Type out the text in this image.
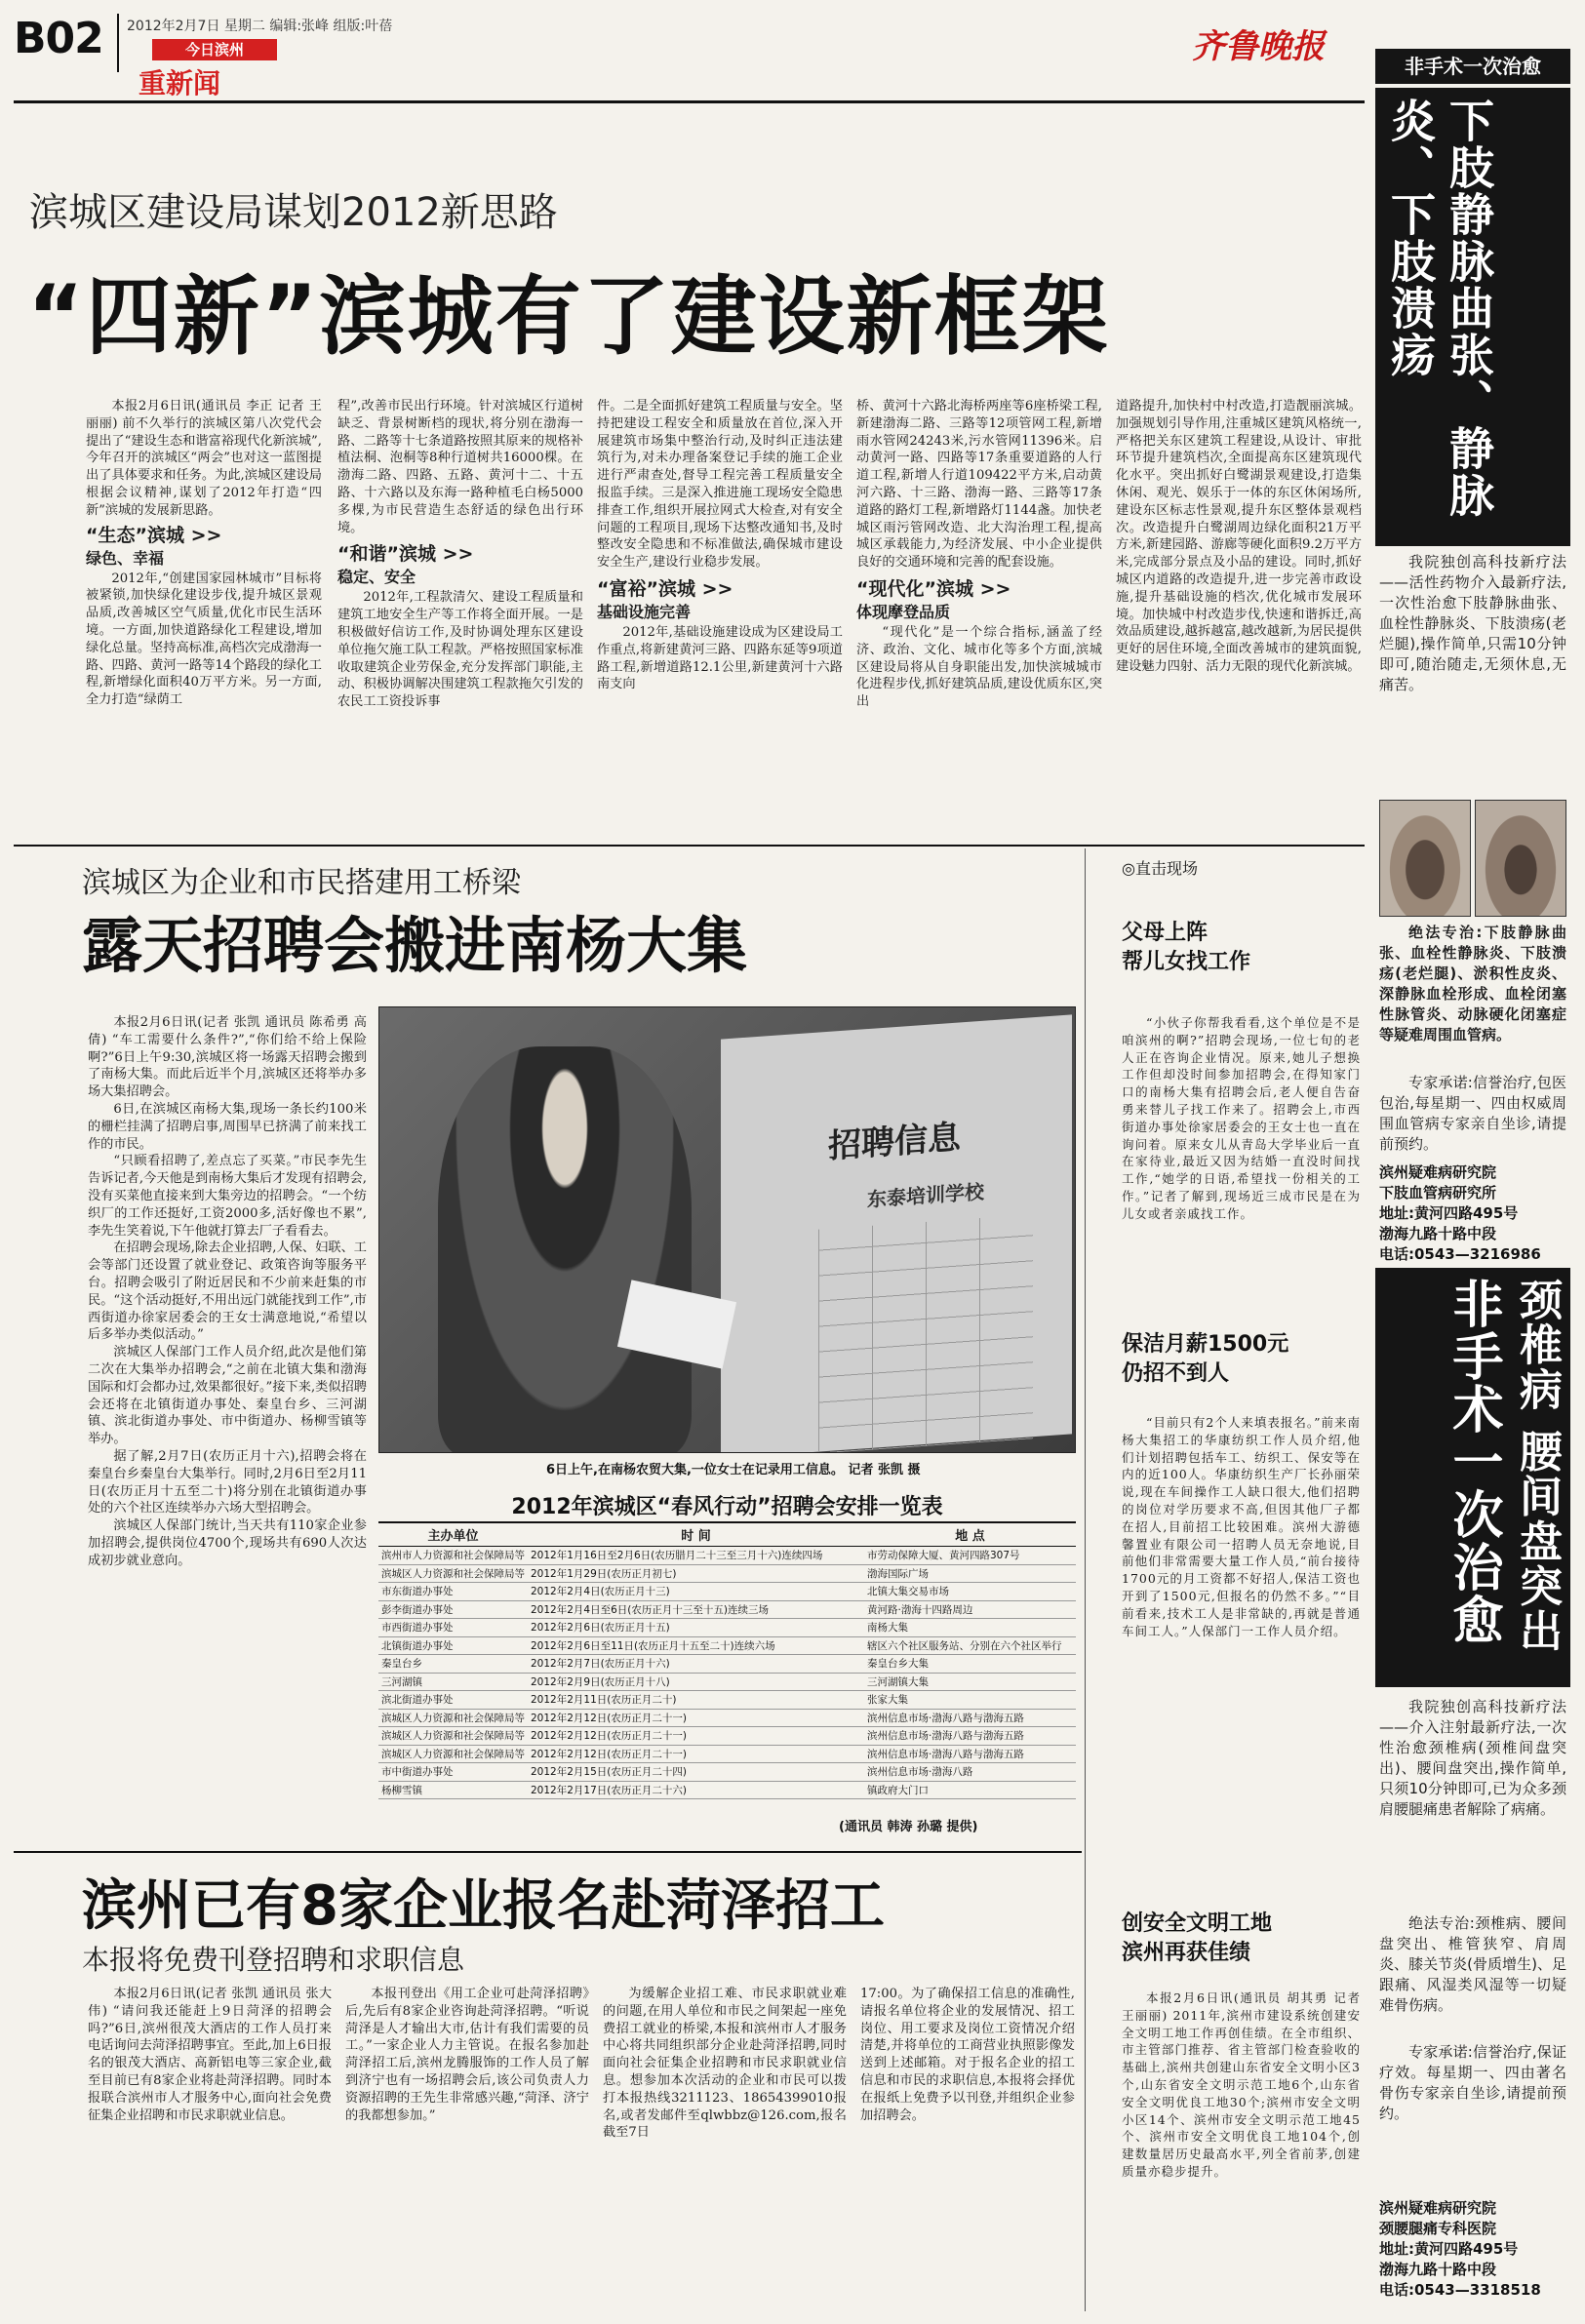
B02 2012年2月7日 星期二 编辑:张峰 组版:叶蓓
今日滨州
重新闻
齐鲁晚报
滨城区建设局谋划2012新思路
“四新”滨城有了建设新框架

本报2月6日讯(通讯员 李正 记者 王丽丽) 前不久举行的滨城区第八次党代会提出了“建设生态和谐富裕现代化新滨城”,今年召开的滨城区“两会”也对这一蓝图提出了具体要求和任务。为此,滨城区建设局根据会议精神,谋划了2012年打造“四新”滨城的发展新思路。

“生态”滨城 >>
绿色、幸福

2012年,“创建国家园林城市”目标将被紧锁,加快绿化建设步伐,提升城区景观品质,改善城区空气质量,优化市民生活环境。一方面,加快道路绿化工程建设,增加绿化总量。坚持高标准,高档次完成渤海一路、四路、黄河一路等14个路段的绿化工程,新增绿化面积40万平方米。另一方面,全力打造“绿荫工

程”,改善市民出行环境。针对滨城区行道树缺乏、背景树断档的现状,将分别在渤海一路、二路等十七条道路按照其原来的规格补植法桐、泡桐等8种行道树共16000棵。在渤海二路、四路、五路、黄河十二、十五路、十六路以及东海一路种植毛白杨5000多棵,为市民营造生态舒适的绿色出行环境。

“和谐”滨城 >>
稳定、安全

2012年,工程款清欠、建设工程质量和建筑工地安全生产等工作将全面开展。一是积极做好信访工作,及时协调处理东区建设单位拖欠施工队工程款。严格按照国家标准收取建筑企业劳保金,充分发挥部门职能,主动、积极协调解决围建筑工程款拖欠引发的农民工工资投诉事

件。二是全面抓好建筑工程质量与安全。坚持把建设工程安全和质量放在首位,深入开展建筑市场集中整治行动,及时纠正违法建筑行为,对未办理备案登记手续的施工企业进行严肃查处,督导工程完善工程质量安全报监手续。三是深入推进施工现场安全隐患排查工作,组织开展拉网式大检查,对有安全问题的工程项目,现场下达整改通知书,及时整改安全隐患和不标准做法,确保城市建设安全生产,建设行业稳步发展。

“富裕”滨城 >>
基础设施完善

2012年,基础设施建设成为区建设局工作重点,将新建黄河三路、四路东延等9项道路工程,新增道路12.1公里,新建黄河十六路南支向

桥、黄河十六路北海桥两座等6座桥梁工程,新建渤海二路、三路等12项管网工程,新增雨水管网24243米,污水管网11396米。启动黄河一路、四路等17条重要道路的人行道工程,新增人行道109422平方米,启动黄河六路、十三路、渤海一路、三路等17条道路的路灯工程,新增路灯1144盏。加快老城区雨污管网改造、北大沟治理工程,提高城区承载能力,为经济发展、中小企业提供良好的交通环境和完善的配套设施。

“现代化”滨城 >>
体现摩登品质

“现代化”是一个综合指标,涵盖了经济、政治、文化、城市化等多个方面,滨城区建设局将从自身职能出发,加快滨城城市化进程步伐,抓好建筑品质,建设优质东区,突出

道路提升,加快村中村改造,打造靓丽滨城。加强规划引导作用,注重城区建筑风格统一,严格把关东区建筑工程建设,从设计、审批环节提升建筑档次,全面提高东区建筑现代化水平。突出抓好白鹭湖景观建设,打造集休闲、观光、娱乐于一体的东区休闲场所,建设东区标志性景观,提升东区整体景观档次。改造提升白鹭湖周边绿化面积21万平方米,新建园路、游廊等硬化面积9.2万平方米,完成部分景点及小品的建设。同时,抓好城区内道路的改造提升,进一步完善市政设施,提升基础设施的档次,优化城市发展环境。加快城中村改造步伐,快速和谐拆迁,高效品质建设,越拆越富,越改越新,为居民提供更好的居住环境,全面改善城市的建筑面貌,建设魅力四射、活力无限的现代化新滨城。

滨城区为企业和市民搭建用工桥梁
露天招聘会搬进南杨大集

本报2月6日讯(记者 张凯 通讯员 陈希勇 高倩) “车工需要什么条件?”,“你们给不给上保险啊?”6日上午9:30,滨城区将一场露天招聘会搬到了南杨大集。而此后近半个月,滨城区还将举办多场大集招聘会。

6日,在滨城区南杨大集,现场一条长约100米的栅栏挂满了招聘启事,周围早已挤满了前来找工作的市民。

“只顾看招聘了,差点忘了买菜。”市民李先生告诉记者,今天他是到南杨大集后才发现有招聘会,没有买菜他直接来到大集旁边的招聘会。“一个纺织厂的工作还挺好,工资2000多,活好像也不累”,李先生笑着说,下午他就打算去厂子看看去。

在招聘会现场,除去企业招聘,人保、妇联、工会等部门还设置了就业登记、政策咨询等服务平台。招聘会吸引了附近居民和不少前来赶集的市民。“这个活动挺好,不用出远门就能找到工作”,市西街道办徐家居委会的王女士满意地说,“希望以后多举办类似活动。”

滨城区人保部门工作人员介绍,此次是他们第二次在大集举办招聘会,“之前在北镇大集和渤海国际和灯会都办过,效果都很好。”接下来,类似招聘会还将在北镇街道办事处、秦皇台乡、三河湖镇、滨北街道办事处、市中街道办、杨柳雪镇等举办。

据了解,2月7日(农历正月十六),招聘会将在秦皇台乡秦皇台大集举行。同时,2月6日至2月11日(农历正月十五至二十)将分别在北镇街道办事处的六个社区连续举办六场大型招聘会。

滨城区人保部门统计,当天共有110家企业参加招聘会,提供岗位4700个,现场共有690人次达成初步就业意向。

招聘信息
东泰培训学校
6日上午,在南杨农贸大集,一位女士在记录用工信息。 记者 张凯 摄
2012年滨城区“春风行动”招聘会安排一览表
主办单位	时 间	地 点
滨州市人力资源和社会保障局等	2012年1月16日至2月6日(农历腊月二十三至三月十六)连续四场	市劳动保障大厦、黄河四路307号
滨城区人力资源和社会保障局等	2012年1月29日(农历正月初七)	渤海国际广场
市东街道办事处	2012年2月4日(农历正月十三)	北镇大集交易市场
彭李街道办事处	2012年2月4日至6日(农历正月十三至十五)连续三场	黄河路·渤海十四路周边
市西街道办事处	2012年2月6日(农历正月十五)	南杨大集
北镇街道办事处	2012年2月6日至11日(农历正月十五至二十)连续六场	辖区六个社区服务站、分别在六个社区举行
秦皇台乡	2012年2月7日(农历正月十六)	秦皇台乡大集
三河湖镇	2012年2月9日(农历正月十八)	三河湖镇大集
滨北街道办事处	2012年2月11日(农历正月二十)	张家大集
滨城区人力资源和社会保障局等	2012年2月12日(农历正月二十一)	滨州信息市场·渤海八路与渤海五路
滨城区人力资源和社会保障局等	2012年2月12日(农历正月二十一)	滨州信息市场·渤海八路与渤海五路
滨城区人力资源和社会保障局等	2012年2月12日(农历正月二十一)	滨州信息市场·渤海八路与渤海五路
市中街道办事处	2012年2月15日(农历正月二十四)	滨州信息市场·渤海八路
杨柳雪镇	2012年2月17日(农历正月二十六)	镇政府大门口
(通讯员 韩涛 孙璐 提供)
滨州已有8家企业报名赴菏泽招工
本报将免费刊登招聘和求职信息

本报2月6日讯(记者 张凯 通讯员 张大伟) “请问我还能赶上9日菏泽的招聘会吗?”6日,滨州很茂大酒店的工作人员打来电话询问去菏泽招聘事宜。至此,加上6日报名的银茂大酒店、高新铝电等三家企业,截至目前已有8家企业将赴菏泽招聘。同时本报联合滨州市人才服务中心,面向社会免费征集企业招聘和市民求职就业信息。

本报刊登出《用工企业可赴菏泽招聘》后,先后有8家企业咨询赴菏泽招聘。“听说菏泽是人才输出大市,估计有我们需要的员工。”一家企业人力主管说。在报名参加赴菏泽招工后,滨州龙腾服饰的工作人员了解到济宁也有一场招聘会后,该公司负责人力资源招聘的王先生非常感兴趣,“菏泽、济宁的我都想参加。”

为缓解企业招工难、市民求职就业难的问题,在用人单位和市民之间架起一座免费招工就业的桥梁,本报和滨州市人才服务中心将共同组织部分企业赴菏泽招聘,同时面向社会征集企业招聘和市民求职就业信息。想参加本次活动的企业和市民可以拨打本报热线3211123、18654399010报名,或者发邮件至qlwbbz@126.com,报名截至7日

17:00。为了确保招工信息的准确性,请报名单位将企业的发展情况、招工岗位、用工要求及岗位工资情况介绍清楚,并将单位的工商营业执照影像发送到上述邮箱。对于报名企业的招工信息和市民的求职信息,本报将会择优在报纸上免费予以刊登,并组织企业参加招聘会。

◎直击现场
父母上阵
帮儿女找工作
“小伙子你帮我看看,这个单位是不是咱滨州的啊?”招聘会现场,一位七旬的老人正在咨询企业情况。原来,她儿子想换工作但却没时间参加招聘会,在得知家门口的南杨大集有招聘会后,老人便自告奋勇来替儿子找工作来了。招聘会上,市西街道办事处徐家居委会的王女士也一直在询问着。原来女儿从青岛大学毕业后一直在家待业,最近又因为结婚一直没时间找工作,“她学的日语,希望找一份相关的工作。”记者了解到,现场近三成市民是在为儿女或者亲戚找工作。
保洁月薪1500元
仍招不到人
“目前只有2个人来填表报名。”前来南杨大集招工的华康纺织工作人员介绍,他们计划招聘包括车工、纺织工、保安等在内的近100人。华康纺织生产厂长孙丽荣说,现在车间操作工人缺口很大,他们招聘的岗位对学历要求不高,但因其他厂子都在招人,目前招工比较困难。滨州大游德馨置业有限公司一招聘人员无奈地说,目前他们非常需要大量工作人员,“前台接待1700元的月工资都不好招人,保洁工资也开到了1500元,但报名的仍然不多。”“目前看来,技术工人是非常缺的,再就是普通车间工人。”人保部门一工作人员介绍。
创安全文明工地
滨州再获佳绩
本报2月6日讯(通讯员 胡其勇 记者 王丽丽) 2011年,滨州市建设系统创建安全文明工地工作再创佳绩。在全市组织、市主管部门推荐、省主管部门检查验收的基础上,滨州共创建山东省安全文明小区3个,山东省安全文明示范工地6个,山东省安全文明优良工地30个;滨州市安全文明小区14个、滨州市安全文明示范工地45个、滨州市安全文明优良工地104个,创建数量居历史最高水平,列全省前茅,创建质量亦稳步提升。
非手术一次治愈
下肢静脉曲张、静脉炎、下肢溃疡
我院独创高科技新疗法——活性药物介入最新疗法,一次性治愈下肢静脉曲张、血栓性静脉炎、下肢溃疡(老烂腿),操作简单,只需10分钟即可,随治随走,无须休息,无痛苦。
绝法专治:下肢静脉曲张、血栓性静脉炎、下肢溃疡(老烂腿)、淤积性皮炎、深静脉血栓形成、血栓闭塞性脉管炎、动脉硬化闭塞症等疑难周围血管病。
专家承诺:信誉治疗,包医包治,每星期一、四由权威周围血管病专家亲自坐诊,请提前预约。
滨州疑难病研究院
下肢血管病研究所
地址:黄河四路495号
渤海九路十路中段
电话:0543—3216986
颈椎病 腰间盘突出
非手术一次治愈
我院独创高科技新疗法——介入注射最新疗法,一次性治愈颈椎病(颈椎间盘突出)、腰间盘突出,操作简单,只须10分钟即可,已为众多颈肩腰腿痛患者解除了病痛。
绝法专治:颈椎病、腰间盘突出、椎管狭窄、肩周炎、膝关节炎(骨质增生)、足跟痛、风湿类风湿等一切疑难骨伤病。
专家承诺:信誉治疗,保证疗效。每星期一、四由著名骨伤专家亲自坐诊,请提前预约。
滨州疑难病研究院
颈腰腿痛专科医院
地址:黄河四路495号
渤海九路十路中段
电话:0543—3318518
